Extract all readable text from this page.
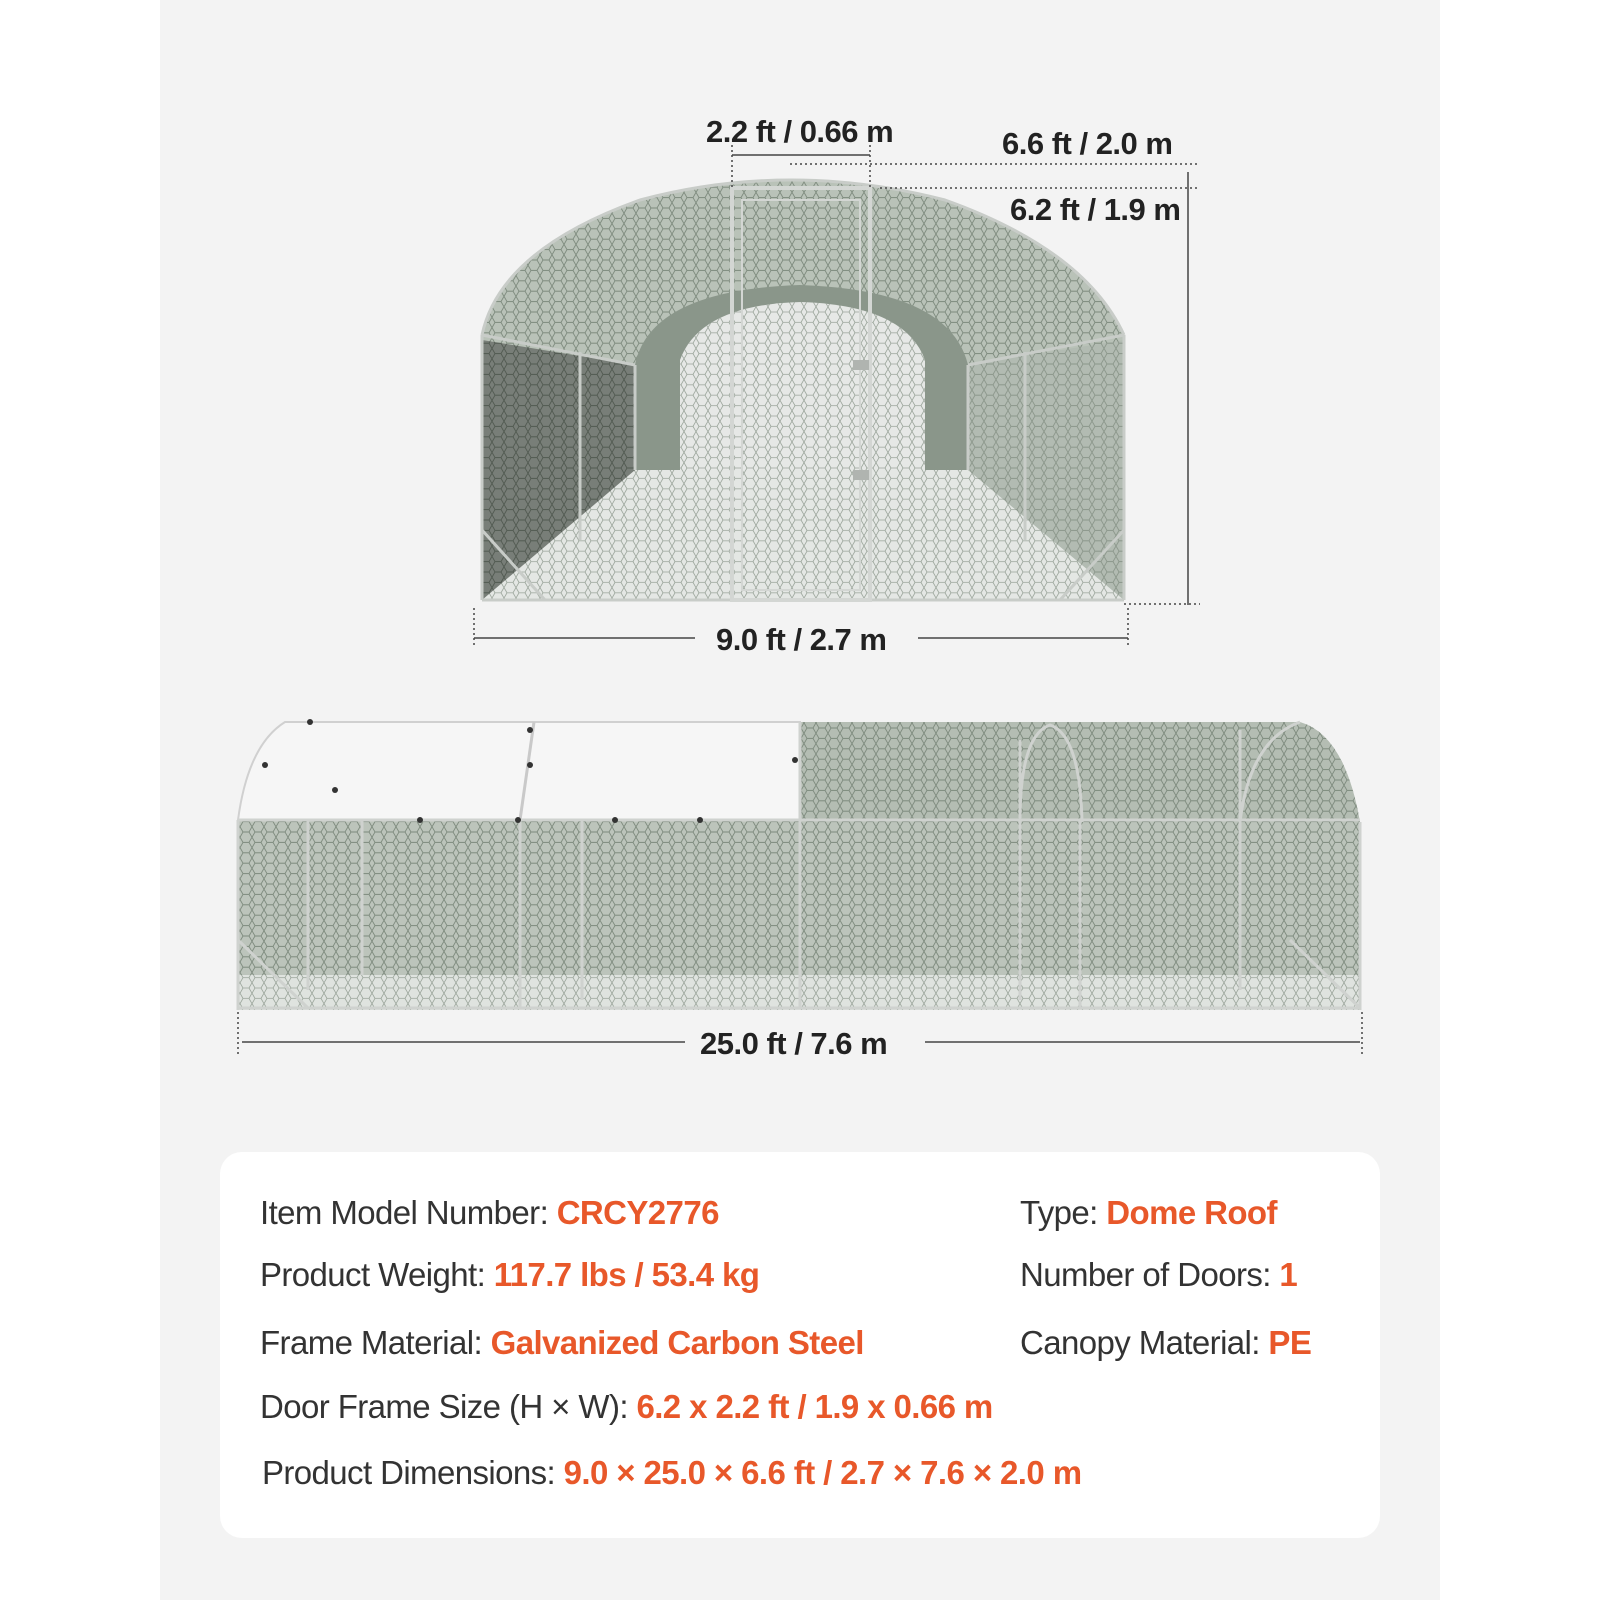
2.2 ft / 0.66 m	6.6 ft / 2.0 m
6.2 ft / 1.9 m
9.0 ft / 2.7 m
25.0 ft / 7.6 m
Item Model Number: CRCY2776	Type: Dome Roof
Product Weight: 117.7 lbs / 53.4 kg	Number of Doors: 1
Frame Material: Galvanized Carbon Steel	Canopy Material: PE
Door Frame Size (H × W): 6.2 x 2.2 ft / 1.9 x 0.66 m
Product Dimensions: 9.0 × 25.0 × 6.6 ft / 2.7 × 7.6 × 2.0 m
